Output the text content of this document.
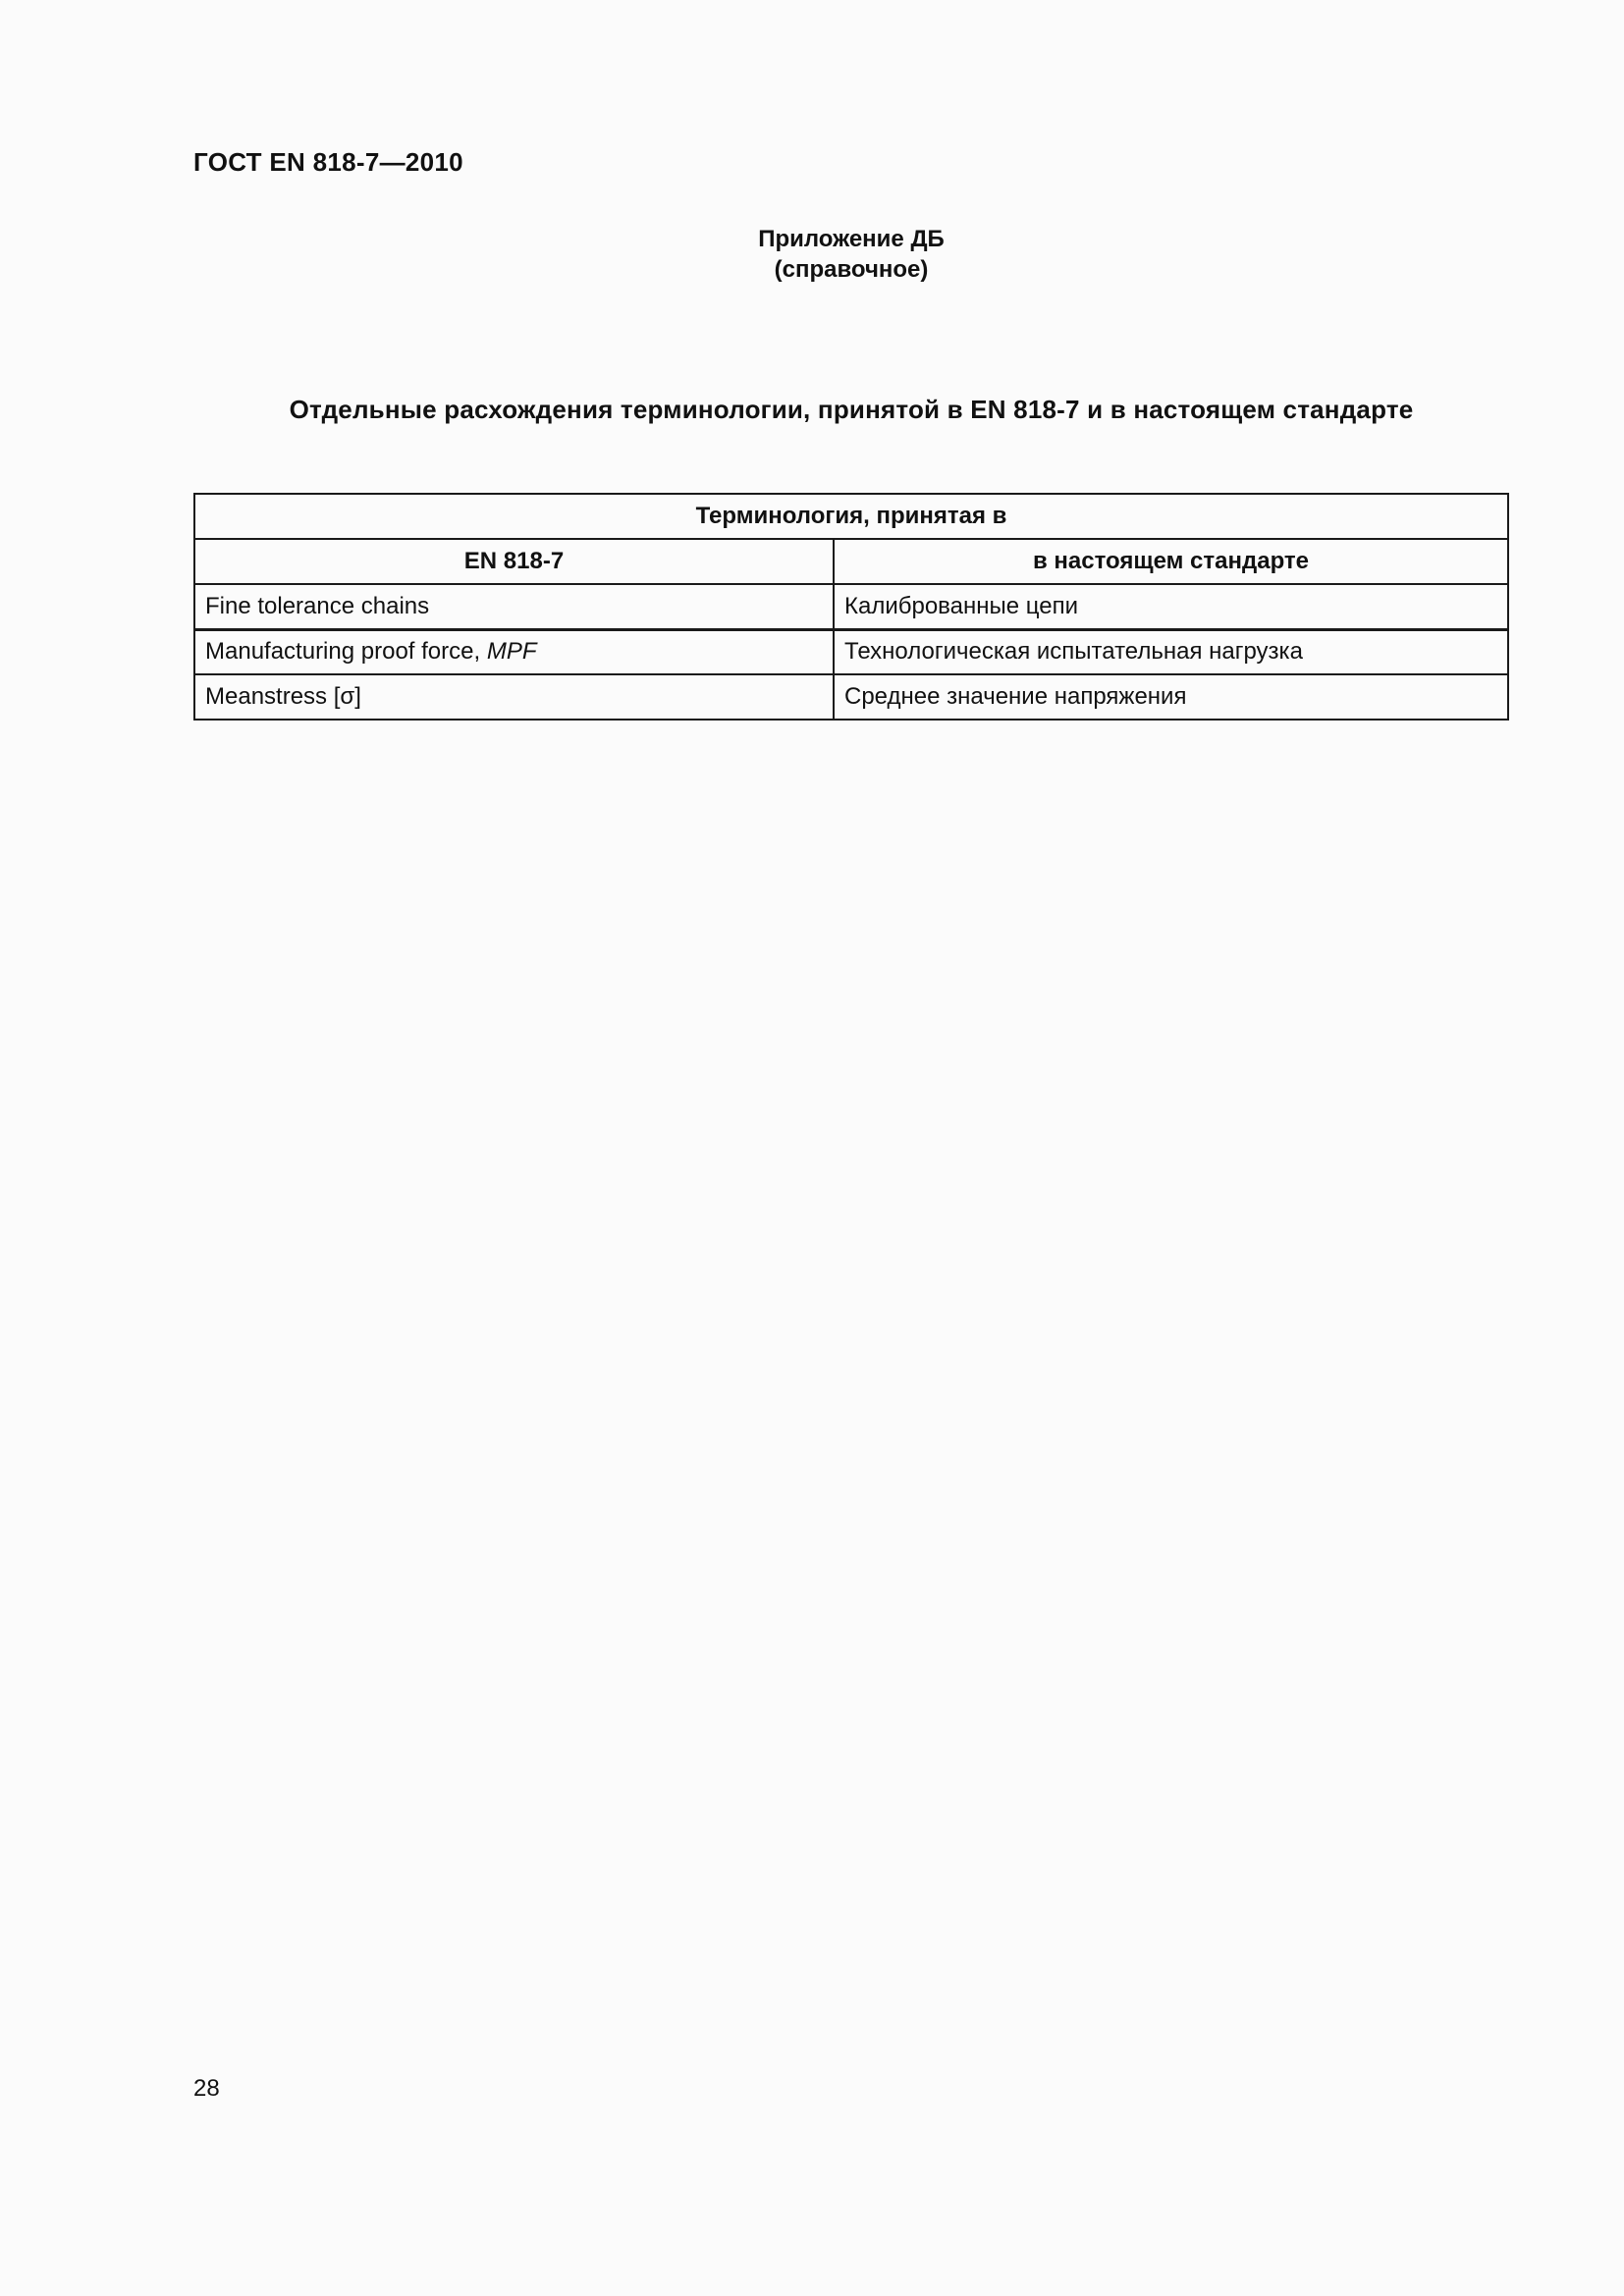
ГОСТ EN 818-7—2010
Приложение ДБ
(справочное)
Отдельные расхождения терминологии, принятой в EN 818-7 и в настоящем стандарте
Терминология, принятая в	
EN 818-7	в настоящем стандарте
Fine tolerance chains	Калиброванные цепи
Manufacturing proof force, MPF	Технологическая испытательная нагрузка
Meanstress [σ]	Среднее значение напряжения
28
